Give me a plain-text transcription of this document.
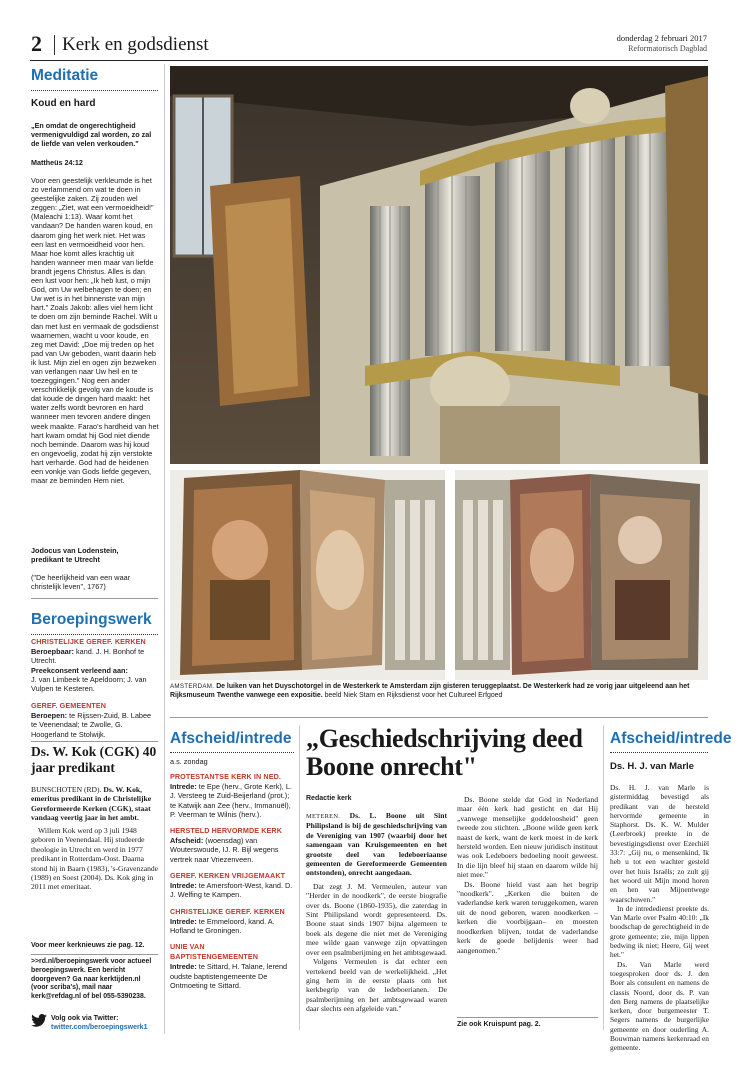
2 Kerk en godsdienst	donderdag 2 februari 2017
Reformatorisch Dagblad
Meditatie
Koud en hard
„En omdat de ongerechtigheid vermenigvuldigd zal worden, zo zal de liefde van velen verkouden."
Mattheüs 24:12
Voor een geestelijk verkleumde is het zo verlammend om wat te doen in geestelijke zaken. Zij zouden wel zeggen: „Ziet, wat een vermoeidheid!" (Maleachi 1:13). Waar komt het vandaan? De handen waren koud, en daarom ging het werk niet. Het was een last en vermoeidheid voor hen. Maar hoe komt alles krachtig uit handen wanneer men maar van liefde brandt jegens Christus. Alles is dan een lust voor hen: „Ik heb lust, o mijn God, om Uw welbehagen te doen; en Uw wet is in het binnenste van mijn hart." Zoals Jakob: alles viel hem licht te doen om zijn beminde Rachel. Wilt u dan met lust en vermaak de godsdienst waarnemen, wacht u voor koude, en zeg met David: „Doe mij treden op het pad van Uw geboden, want daarin heb ik lust. Mijn ziel en ogen zijn bezweken van verlangen naar Uw heil en te toezeggingen." Nog een ander verschrikkelijk gevolg van de koude is dat koude de dingen hard maakt: het water zelfs wordt bevroren en hard wanneer men tevoren andere dingen week maakte. Farao's hardheid van het hart kwam omdat hij God niet diende noch beminde. Daarom was hij koud en ongevoelig, zodat hij zijn verstokte hart verharde. God had de heidenen een vonkje van Gods liefde gegeven, maar ze beminden Hem niet.
Jodocus van Lodenstein,
predikant te Utrecht
("De heerlijkheid van een waar christelijk leven", 1767)
Beroepingswerk
CHRISTELIJKE GEREF. KERKEN
Beroepbaar: kand. J. H. Bonhof te Utrecht.
Preekconsent verleend aan:
J. van Limbeek te Apeldoorn; J. van Vulpen te Kesteren.
GEREF. GEMEENTEN
Beroepen: te Rijssen-Zuid, B. Labee te Veenendaal; te Zwolle, G. Hoogerland te Stolwijk.
Ds. W. Kok (CGK) 40 jaar predikant
BUNSCHOTEN (RD). Ds. W. Kok, emeritus predikant in de Christelijke Gereformeerde Kerken (CGK), staat vandaag veertig jaar in het ambt.
Willem Kok werd op 3 juli 1948 geboren in Veenendaal. Hij studeerde theologie in Utrecht en werd in 1977 predikant in Rotterdam-Oost. Daarna stond hij in Baarn (1983), 's-Gravenzande (1989) en Soest (2004). Ds. Kok ging in 2011 met emeritaat.
Voor meer kerknieuws zie pag. 12.
>>rd.nl/beroepingswerk voor actueel beroepingswerk. Een bericht doorgeven? Ga naar kerktijden.nl (voor scriba's), mail naar kerk@refdag.nl of bel 055-5390238.
Volg ook via Twitter:
twitter.com/beroepingswerk1
AMSTERDAM. De luiken van het Duyschotorgel in de Westerkerk te Amsterdam zijn gisteren teruggeplaatst. De Westerkerk had ze vorig jaar uitgeleend aan het Rijksmuseum Twenthe vanwege een expositie. beeld Niek Stam en Rijksdienst voor het Cultureel Erfgoed
Afscheid/intrede
a.s. zondag
PROTESTANTSE KERK IN NED.
Intrede: te Epe (herv., Grote Kerk), L. J. Versteeg te Zuid-Beijerland (prot.); te Katwijk aan Zee (herv., Immanuël), P. Veerman te Wilnis (herv.).
HERSTELD HERVORMDE KERK
Afscheid: (woensdag) van Wouterswoude, IJ. R. Bijl wegens vertrek naar Vriezenveen.
GEREF. KERKEN VRIJGEMAAKT
Intrede: te Amersfoort-West, kand. D. J. Welfing te Kampen.
CHRISTELIJKE GEREF. KERKEN
Intrede: te Emmeloord, kand. A. Hofland te Groningen.
UNIE VAN BAPTISTENGEMEENTEN
Intrede: te Sittard, H. Talane, lerend oudste baptistengemeente De Ontmoeting te Sittard.
„Geschiedschrijving deed Boone onrecht"
Redactie kerk

METEREN. Ds. L. Boone uit Sint Philipsland is bij de geschiedschrijving van de Vereniging van 1907 (waarbij door het samengaan van Kruisgemeenten en het grootste deel van ledeboeriaanse gemeenten de Gereformeerde Gemeenten ontstonden), onrecht aangedaan.

Dat zegt J. M. Vermeulen, auteur van "Herder in de noodkerk", de eerste biografie over ds. Boone (1860-1935), die zaterdag in Sint Philipsland wordt gepresenteerd. Ds. Boone staat sinds 1907 bijna algemeen te boek als degene die niet met de Vereniging mee wilde gaan vanwege zijn opvattingen over een psalmberijming en het ambtsgewaad.

Volgens Vermeulen is dat echter een vertekend beeld van de werkelijkheid. „Het ging hem in de eerste plaats om het kerkbegrip van de ledeboerianen. De psalmberijming en het ambtsgewaad waren daar slechts een afgeleide van."

Ds. Boone stelde dat God in Nederland maar één kerk had gesticht en dat Hij „vanwege menselijke goddeloosheid" geen tweede zou stichten. „Boone wilde geen kerk naast de kerk, want de kerk moest in de kerk hersteld worden. Een nieuw juridisch instituut was ook Ledeboers bedoeling nooit geweest. In die lijn bleef hij staan en daarom wilde hij niet mee."

Ds. Boone hield vast aan het begrip "noodkerk". „Kerken die buiten de vaderlandse kerk waren teruggekomen, waren uit de nood geboren, waren noodkerken –kerken die voorbijgaan– en moesten noodkerken blijven, totdat de vaderlandse kerk de goede belijdenis weer had aangenomen."

Zie ook Kruispunt pag. 2.
Afscheid/intrede
Ds. H. J. van Marle

Ds. H. J. van Marle is gistermiddag bevestigd als predikant van de hersteld hervormde gemeente in Staphorst. Ds. K. W. Mulder (Leerbroek) preekte in de bevestigingsdienst over Ezechiël 33:7: „Gij nu, o mensenkind, Ik heb u tot een wachter gesteld over het huis Israëls; zo zult gij het woord uit Mijn mond horen en hen van Mijnentwege waarschuwen."

In de intrededienst preekte ds. Van Marle over Psalm 40:10: „Ik boodschap de gerechtigheid in de grote gemeente; zie, mijn lippen bedwing ik niet; Heere, Gij weet het."

Ds. Van Marle werd toegesproken door ds. J. den Boer als consulent en namens de classis Noord, door ds. P. van den Berg namens de plaatselijke kerken, door burgemeester T. Segers namens de burgerlijke gemeente en door ouderling A. Bouwman namens kerkenraad en gemeente.
